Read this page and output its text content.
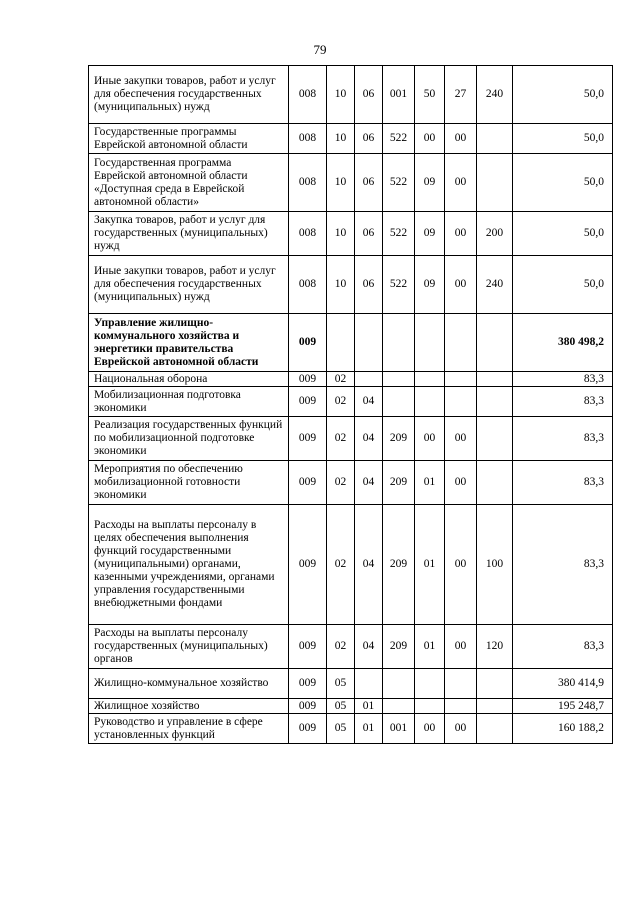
79
Иные закупки товаров, работ и услуг для обеспечения государственных (муниципальных) нужд	008	10	06	001	50	27	240	50,0
Государственные программы Еврейской автономной области	008	10	06	522	00	00		50,0
Государственная программа Еврейской автономной области «Доступная среда в Еврейской автономной области»	008	10	06	522	09	00		50,0
Закупка товаров, работ и услуг для государственных (муниципальных) нужд	008	10	06	522	09	00	200	50,0
Иные закупки товаров, работ и услуг для обеспечения государственных (муниципальных) нужд	008	10	06	522	09	00	240	50,0
Управление жилищно-коммунального хозяйства и энергетики правительства Еврейской автономной области	009							380 498,2
Национальная оборона	009	02						83,3
Мобилизационная подготовка экономики	009	02	04					83,3
Реализация государственных функций по мобилизационной подготовке экономики	009	02	04	209	00	00		83,3
Мероприятия по обеспечению мобилизационной готовности экономики	009	02	04	209	01	00		83,3
Расходы на выплаты персоналу в целях обеспечения выполнения функций государственными (муниципальными) органами, казенными учреждениями, органами управления государственными внебюджетными фондами	009	02	04	209	01	00	100	83,3
Расходы на выплаты персоналу государственных (муниципальных) органов	009	02	04	209	01	00	120	83,3
Жилищно-коммунальное хозяйство	009	05						380 414,9
Жилищное хозяйство	009	05	01					195 248,7
Руководство и управление в сфере установленных функций	009	05	01	001	00	00		160 188,2
